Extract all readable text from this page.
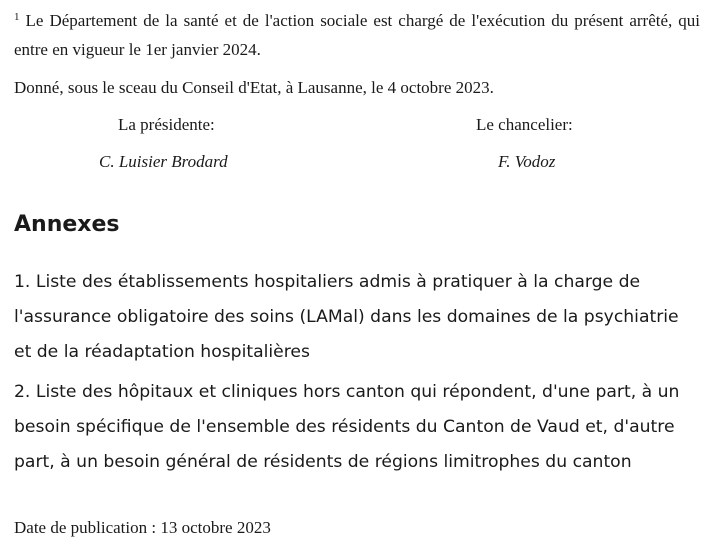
$^1$ Le Département de la santé et de l'action sociale est chargé de l'exécution du présent arrêté, qui entre en vigueur le 1er janvier 2024.

Donné, sous le sceau du Conseil d'Etat, à Lausanne, le 4 octobre 2023.
La présidente:	Le chancelier:
C. Luisier Brodard	F. Vodoz
Annexes

1. Liste des établissements hospitaliers admis à pratiquer à la charge de l'assurance obligatoire des soins (LAMal) dans les domaines de la psychiatrie et de la réadaptation hospitalières

2. Liste des hôpitaux et cliniques hors canton qui répondent, d'une part, à un besoin spécifique de l'ensemble des résidents du Canton de Vaud et, d'autre part, à un besoin général de résidents de régions limitrophes du canton

Date de publication : 13 octobre 2023
